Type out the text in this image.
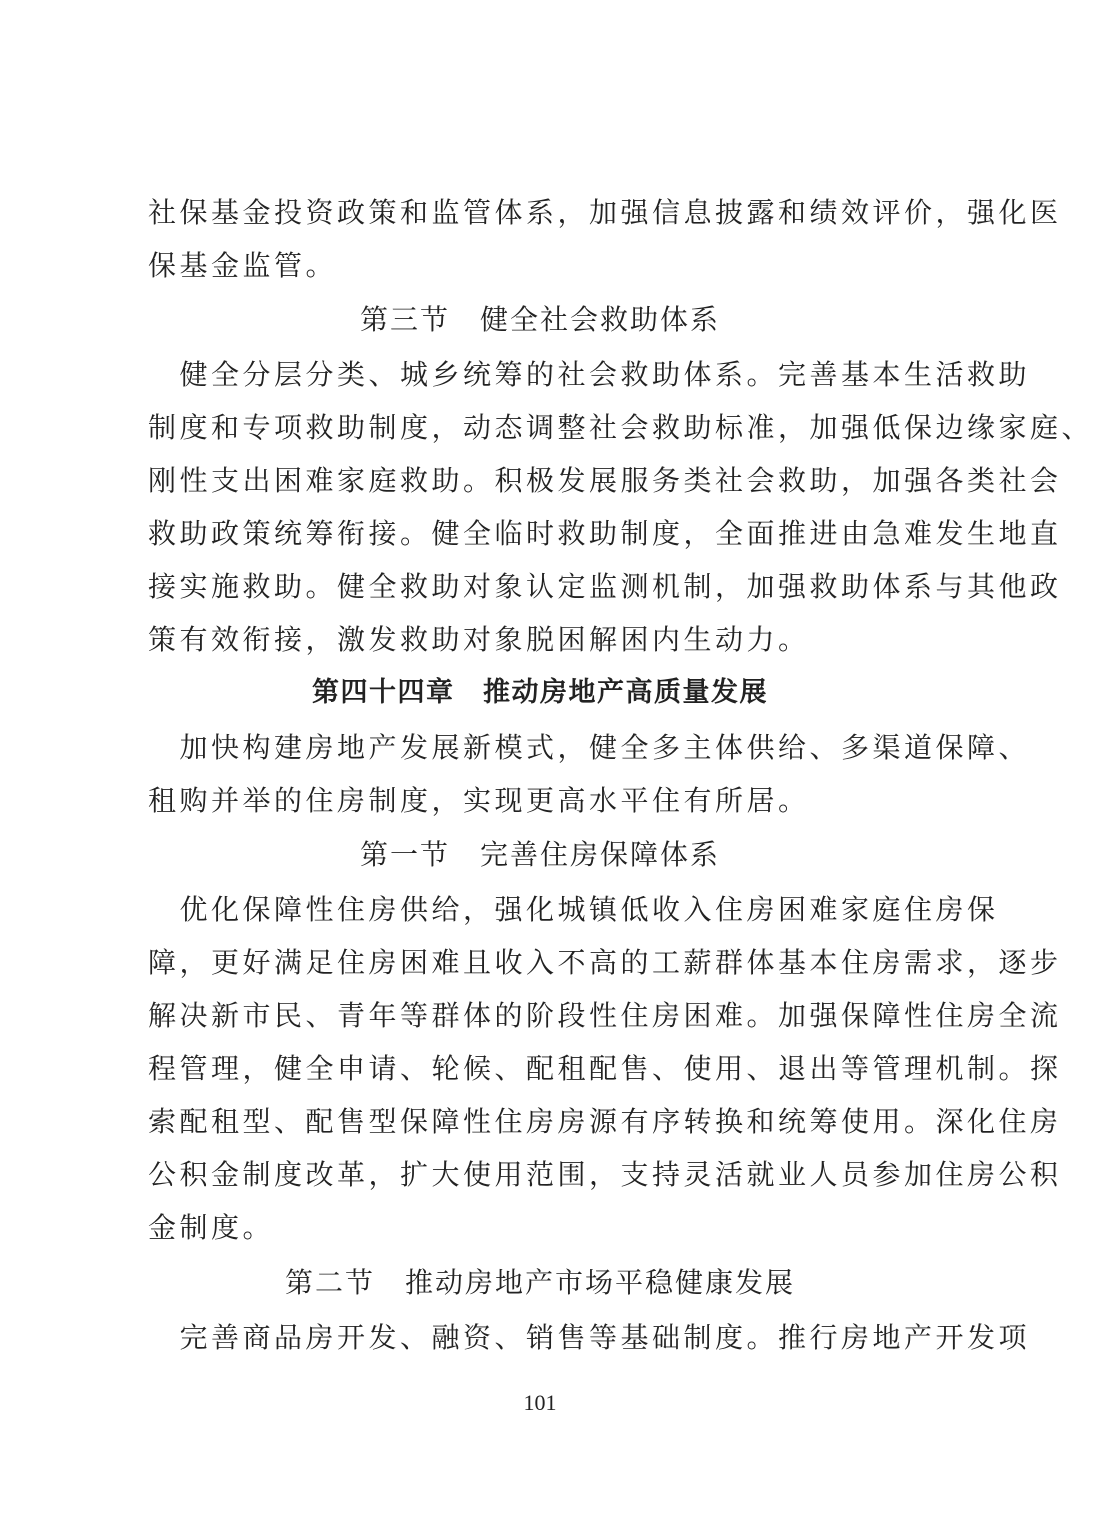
社保基金投资政策和监管体系，加强信息披露和绩效评价，强化医
保基金监管。
第三节　健全社会救助体系
　健全分层分类、城乡统筹的社会救助体系。完善基本生活救助
制度和专项救助制度，动态调整社会救助标准，加强低保边缘家庭、
刚性支出困难家庭救助。积极发展服务类社会救助，加强各类社会
救助政策统筹衔接。健全临时救助制度，全面推进由急难发生地直
接实施救助。健全救助对象认定监测机制，加强救助体系与其他政
策有效衔接，激发救助对象脱困解困内生动力。
第四十四章　推动房地产高质量发展
　加快构建房地产发展新模式，健全多主体供给、多渠道保障、
租购并举的住房制度，实现更高水平住有所居。
第一节　完善住房保障体系
　优化保障性住房供给，强化城镇低收入住房困难家庭住房保
障，更好满足住房困难且收入不高的工薪群体基本住房需求，逐步
解决新市民、青年等群体的阶段性住房困难。加强保障性住房全流
程管理，健全申请、轮候、配租配售、使用、退出等管理机制。探
索配租型、配售型保障性住房房源有序转换和统筹使用。深化住房
公积金制度改革，扩大使用范围，支持灵活就业人员参加住房公积
金制度。
第二节　推动房地产市场平稳健康发展
　完善商品房开发、融资、销售等基础制度。推行房地产开发项
101
